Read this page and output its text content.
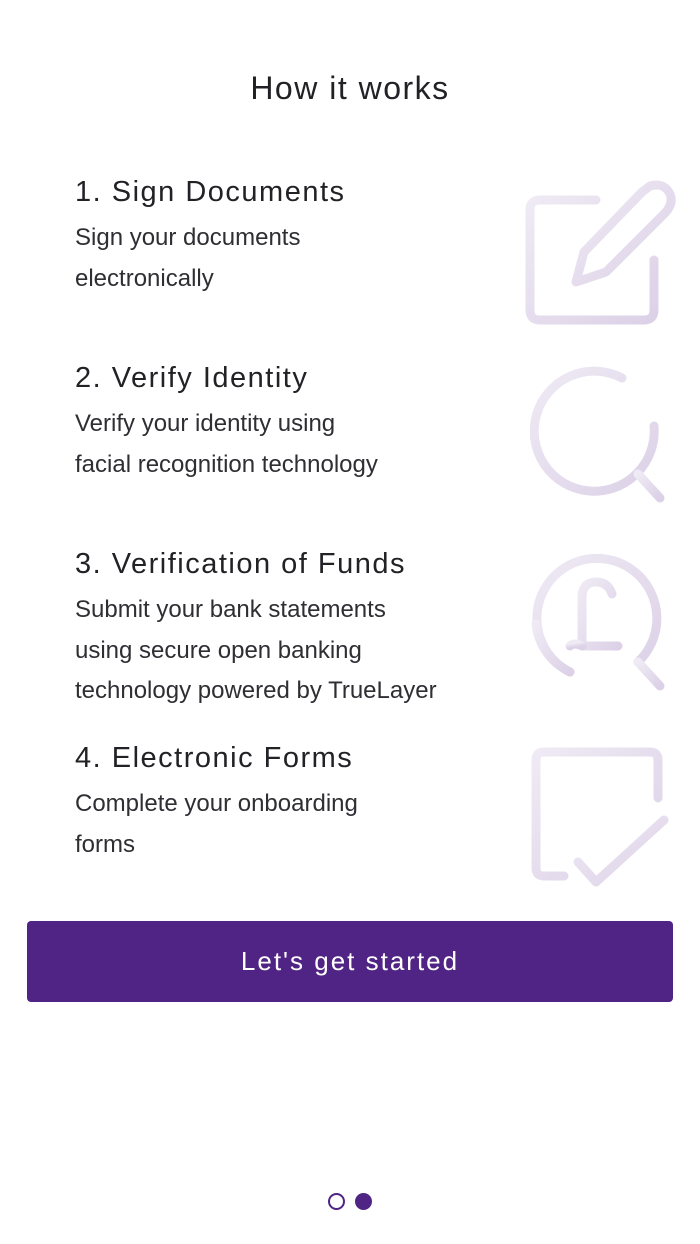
How it works
1. Sign Documents
Sign your documents
electronically
2. Verify Identity
Verify your identity using
facial recognition technology
3. Verification of Funds
Submit your bank statements
using secure open banking
technology powered by TrueLayer
4. Electronic Forms
Complete your onboarding
forms
Let's get started
